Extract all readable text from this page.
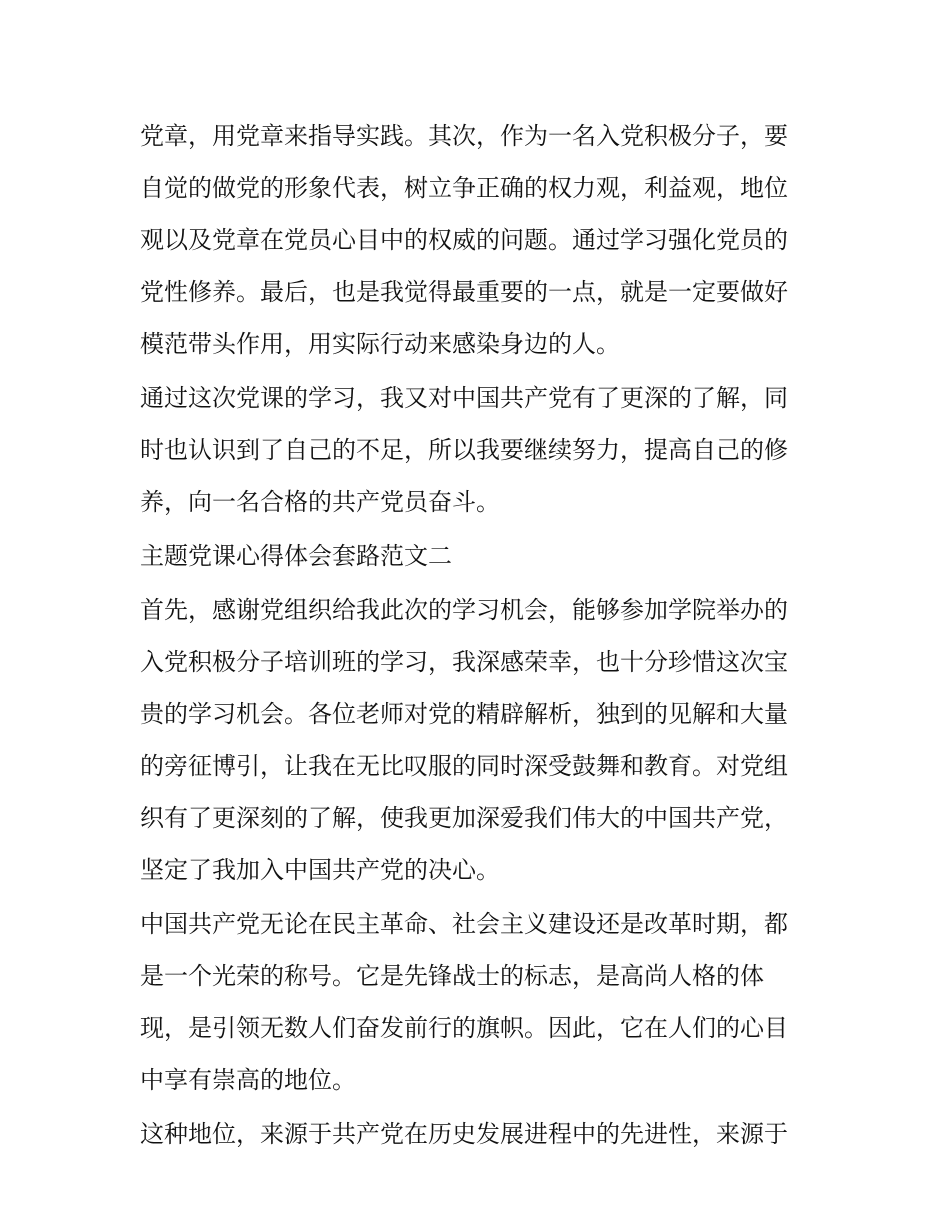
党章，用党章来指导实践。其次，作为一名入党积极分子，要
自觉的做党的形象代表，树立争正确的权力观，利益观，地位
观以及党章在党员心目中的权威的问题。通过学习强化党员的
党性修养。最后，也是我觉得最重要的一点，就是一定要做好
模范带头作用，用实际行动来感染身边的人。
通过这次党课的学习，我又对中国共产党有了更深的了解，同
时也认识到了自己的不足，所以我要继续努力，提高自己的修
养，向一名合格的共产党员奋斗。
主题党课心得体会套路范文二
首先，感谢党组织给我此次的学习机会，能够参加学院举办的
入党积极分子培训班的学习，我深感荣幸，也十分珍惜这次宝
贵的学习机会。各位老师对党的精辟解析，独到的见解和大量
的旁征博引，让我在无比叹服的同时深受鼓舞和教育。对党组
织有了更深刻的了解，使我更加深爱我们伟大的中国共产党，
坚定了我加入中国共产党的决心。
中国共产党无论在民主革命、社会主义建设还是改革时期，都
是一个光荣的称号。它是先锋战士的标志，是高尚人格的体
现，是引领无数人们奋发前行的旗帜。因此，它在人们的心目
中享有崇高的地位。
这种地位，来源于共产党在历史发展进程中的先进性，来源于
